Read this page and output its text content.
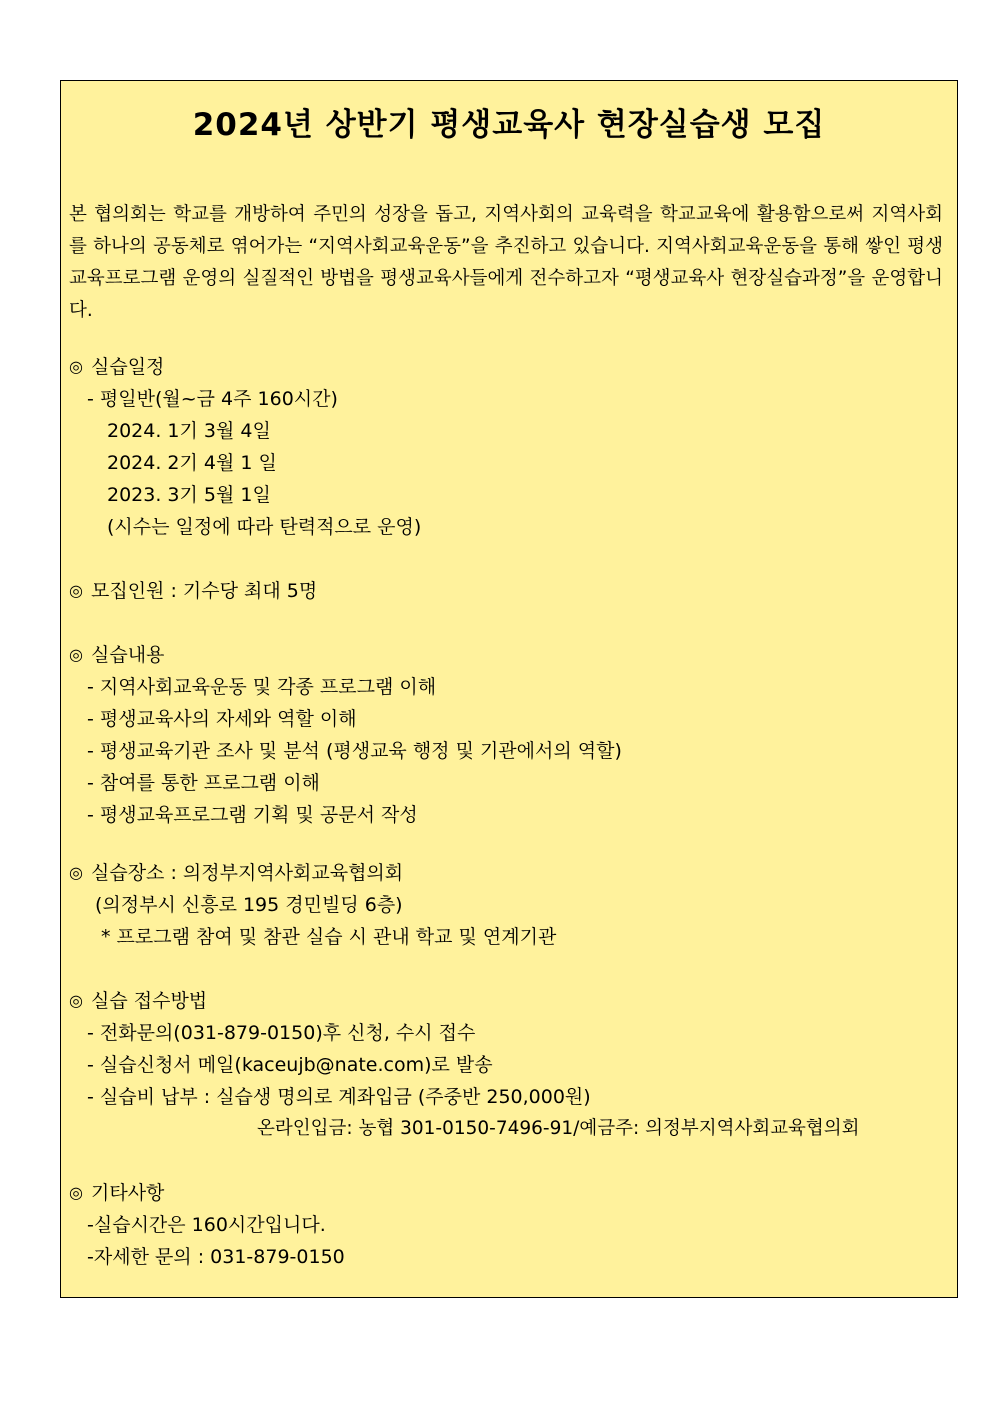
2024년 상반기 평생교육사 현장실습생 모집
본 협의회는 학교를 개방하여 주민의 성장을 돕고, 지역사회의 교육력을 학교교육에 활용함으로써 지역사회를 하나의 공동체로 엮어가는 “지역사회교육운동”을 추진하고 있습니다. 지역사회교육운동을 통해 쌓인 평생교육프로그램 운영의 실질적인 방법을 평생교육사들에게 전수하고자 “평생교육사 현장실습과정”을 운영합니다.
◎ 실습일정
- 평일반(월~금 4주 160시간)
2024. 1기 3월 4일
2024. 2기 4월 1 일
2023. 3기 5월 1일
(시수는 일정에 따라 탄력적으로 운영)
◎ 모집인원 : 기수당 최대 5명
◎ 실습내용
- 지역사회교육운동 및 각종 프로그램 이해
- 평생교육사의 자세와 역할 이해
- 평생교육기관 조사 및 분석 (평생교육 행정 및 기관에서의 역할)
- 참여를 통한 프로그램 이해
- 평생교육프로그램 기획 및 공문서 작성
◎ 실습장소 : 의정부지역사회교육협의회
(의정부시 신흥로 195 경민빌딩 6층)
* 프로그램 참여 및 참관 실습 시 관내 학교 및 연계기관
◎ 실습 접수방법
- 전화문의(031-879-0150)후 신청, 수시 접수
- 실습신청서 메일(kaceujb@nate.com)로 발송
- 실습비 납부 : 실습생 명의로 계좌입금 (주중반 250,000원)
온라인입금: 농협 301-0150-7496-91/예금주: 의정부지역사회교육협의회
◎ 기타사항
-실습시간은 160시간입니다.
-자세한 문의 : 031-879-0150
